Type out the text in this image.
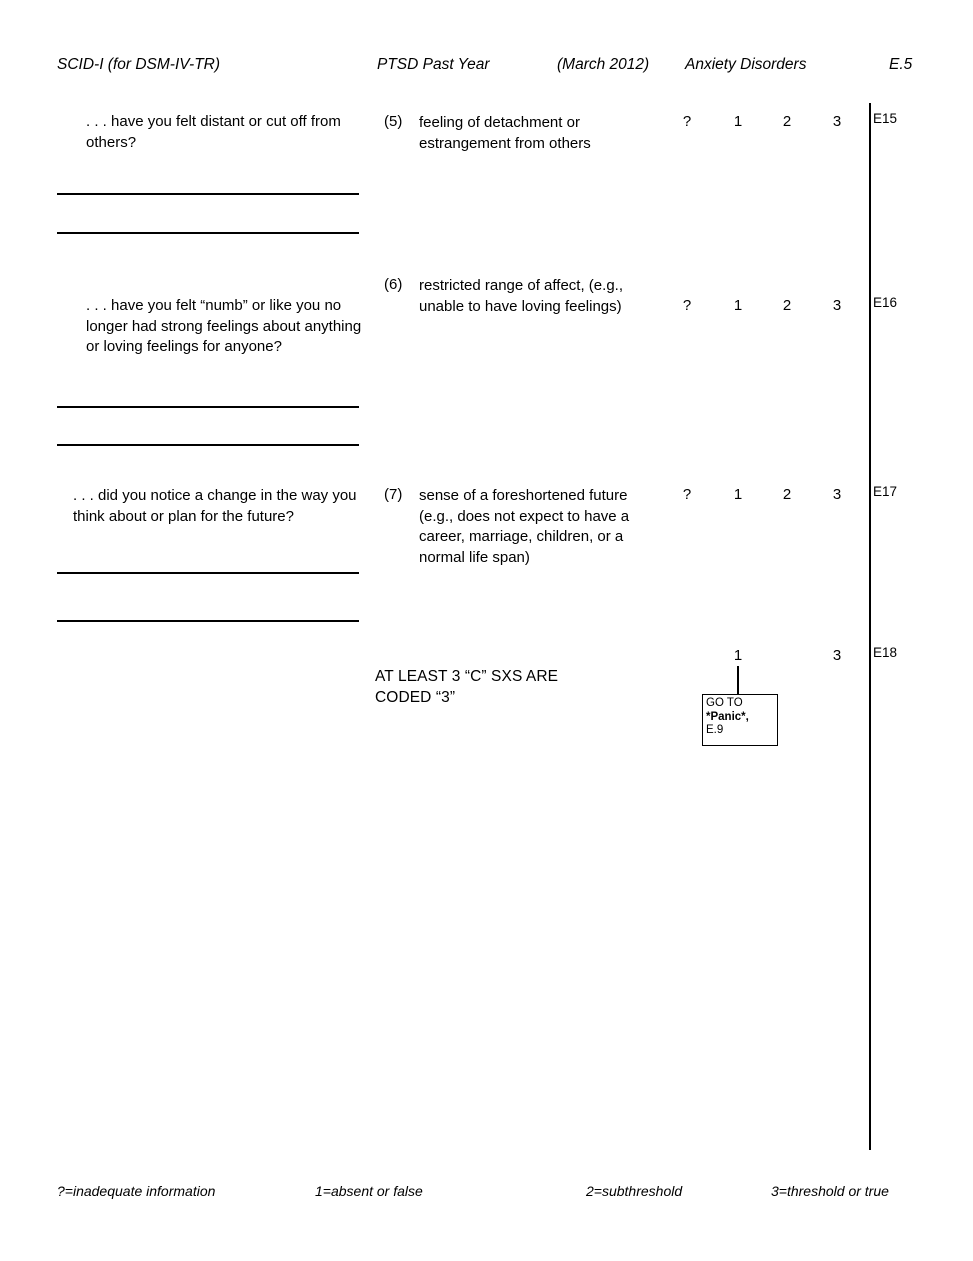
SCID-I (for DSM-IV-TR)	PTSD Past Year	(March 2012) Anxiety Disorders	E.5
. . . have you felt distant or cut off from others?
(5) feeling of detachment or estrangement from others
?	1	2	3	E15
. . . have you felt “numb” or like you no longer had strong feelings about anything or loving feelings for anyone?
(6) restricted range of affect, (e.g., unable to have loving feelings)	?	1	2	3	E16
. . . did you notice a change in the way you think about or plan for the future?
(7) sense of a foreshortened future (e.g., does not expect to have a career, marriage, children, or a normal life span)
?	1	2	3	E17
AT LEAST 3 “C” SXS ARE
CODED “3”
1	3	E18
GO TO
*Panic*,
E.9
?=inadequate information	1=absent or false	2=subthreshold	3=threshold or true
